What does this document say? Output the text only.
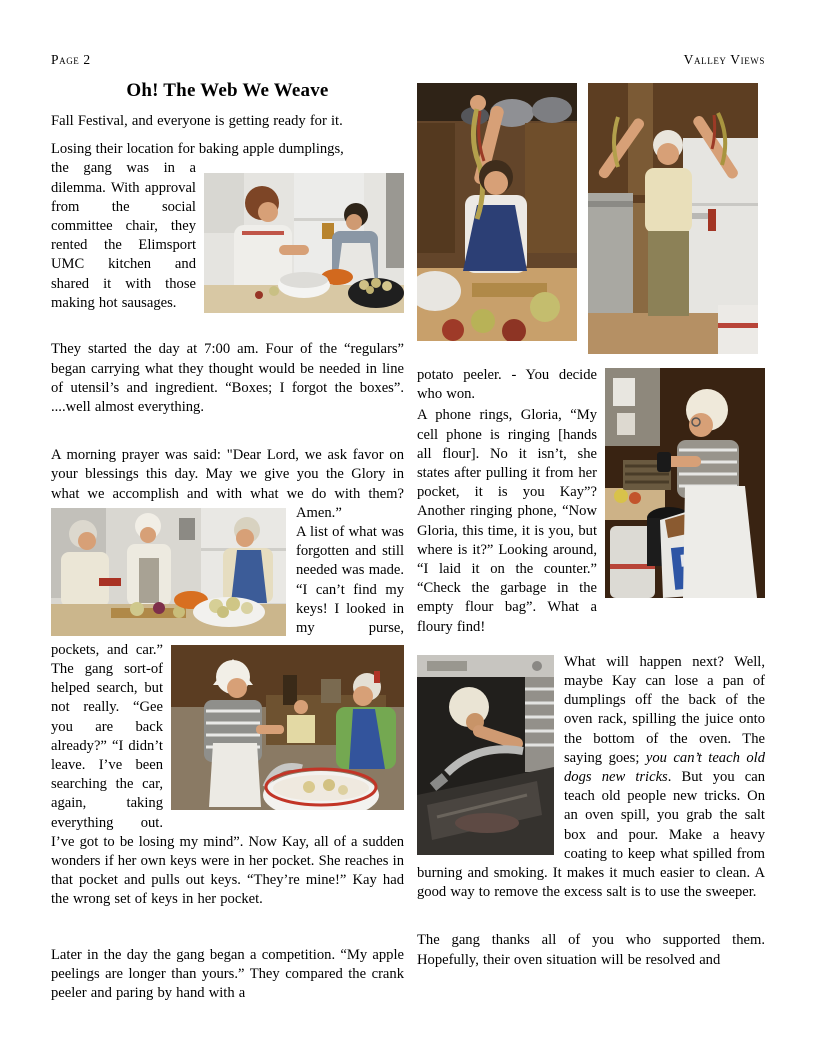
Page 2	Valley Views
Oh! The Web We Weave

Fall Festival, and everyone is getting ready for it.

Losing their location for baking apple dumplings,

the gang was in a dilemma. With approval from the social committee chair, they rented the Elimsport UMC kitchen and shared it with those making hot sausages.

They started the day at 7:00 am. Four of the “regulars” began carrying what they thought would be needed in line of utensil’s and ingredient. “Boxes; I forgot the boxes”. ....well almost everything.

A morning prayer was said: "Dear Lord, we ask favor on your blessings this day. May we give you the Glory in what we accomplish and with what we
do with them? Amen.”

A list of what was forgotten and still needed was made. “I can’t find my keys! I looked in my
purse, pockets, and car.” The gang sort-of helped search, but not really. “Gee you are back already?” “I didn’t leave. I’ve been searching the car, again, taking everything out. I’ve got to be losing my mind”. Now Kay, all of a sudden wonders if her own keys were in her pocket. She reaches in that pocket and pulls out keys. “They’re mine!” Kay had the wrong set of keys in her pocket.

Later in the day the gang began a competition. “My apple peelings are longer than yours.” They compared the crank peeler and paring by hand with a

potato peeler. - You decide who won.

A phone rings, Gloria, “My cell phone is ringing [hands all flour]. No it isn’t, she states after pulling it from her pocket, it is you Kay”? Another ringing phone, “Now Gloria, this time, it is you, but where is it?” Looking around, “I laid it on the counter.” “Check the garbage in the empty flour bag”. What a floury find!

What will happen next? Well, maybe Kay can lose a pan of dumplings off the back of the oven rack, spilling the juice onto the bottom of the oven. The saying goes; you can’t teach old dogs new tricks. But you can teach old people new tricks. On an oven spill, you grab the salt box and pour. Make a heavy coating to keep what spilled from burning and smoking. It makes it much easier to clean. A good way to remove the excess salt is to use the sweeper.

The gang thanks all of you who supported them. Hopefully, their oven situation will be resolved and
